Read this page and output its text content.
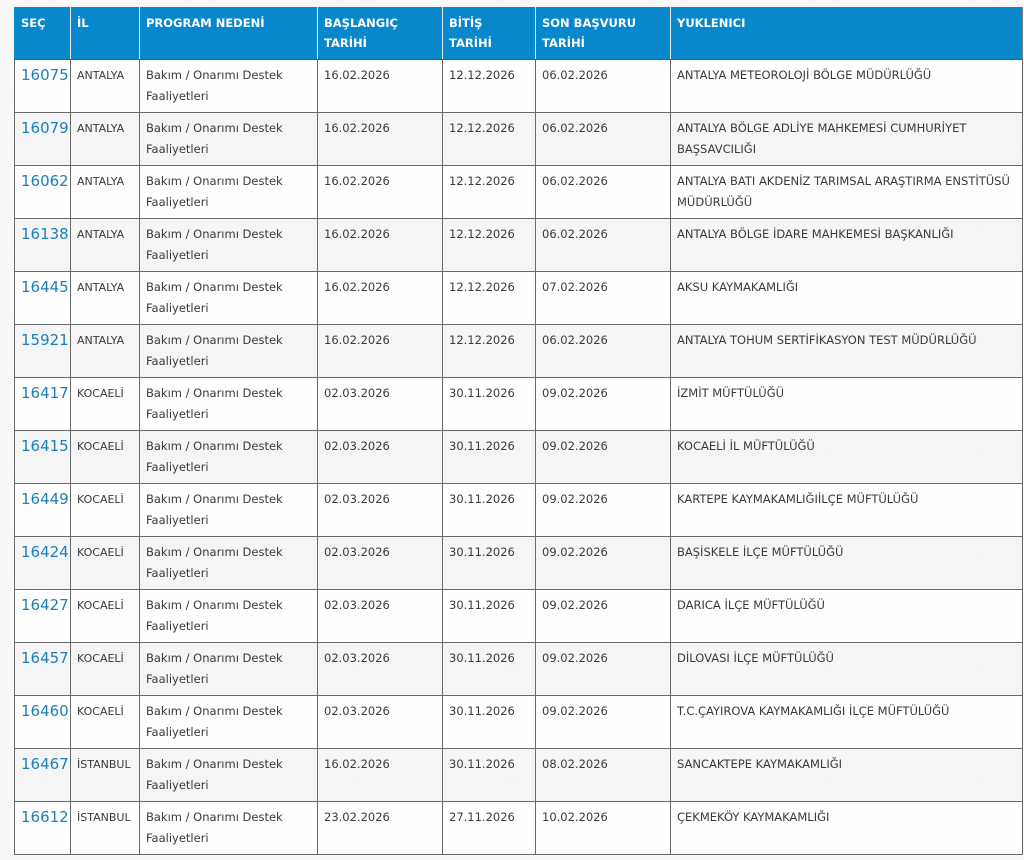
SEÇ	İL	PROGRAM NEDENİ	BAŞLANGIÇ TARİHİ	BİTİŞ TARİHİ	SON BAŞVURU TARİHİ	YUKLENICI
16075	ANTALYA	Bakım / Onarımı Destek Faaliyetleri	16.02.2026	12.12.2026	06.02.2026	ANTALYA METEOROLOJİ BÖLGE MÜDÜRLÜĞÜ
16079	ANTALYA	Bakım / Onarımı Destek Faaliyetleri	16.02.2026	12.12.2026	06.02.2026	ANTALYA BÖLGE ADLİYE MAHKEMESİ CUMHURİYET BAŞSAVCILIĞI
16062	ANTALYA	Bakım / Onarımı Destek Faaliyetleri	16.02.2026	12.12.2026	06.02.2026	ANTALYA BATI AKDENİZ TARIMSAL ARAŞTIRMA ENSTİTÜSÜ MÜDÜRLÜĞÜ
16138	ANTALYA	Bakım / Onarımı Destek Faaliyetleri	16.02.2026	12.12.2026	06.02.2026	ANTALYA BÖLGE İDARE MAHKEMESİ BAŞKANLIĞI
16445	ANTALYA	Bakım / Onarımı Destek Faaliyetleri	16.02.2026	12.12.2026	07.02.2026	AKSU KAYMAKAMLIĞI
15921	ANTALYA	Bakım / Onarımı Destek Faaliyetleri	16.02.2026	12.12.2026	06.02.2026	ANTALYA TOHUM SERTİFİKASYON TEST MÜDÜRLÜĞÜ
16417	KOCAELİ	Bakım / Onarımı Destek Faaliyetleri	02.03.2026	30.11.2026	09.02.2026	İZMİT MÜFTÜLÜĞÜ
16415	KOCAELİ	Bakım / Onarımı Destek Faaliyetleri	02.03.2026	30.11.2026	09.02.2026	KOCAELİ İL MÜFTÜLÜĞÜ
16449	KOCAELİ	Bakım / Onarımı Destek Faaliyetleri	02.03.2026	30.11.2026	09.02.2026	KARTEPE KAYMAKAMLIĞIİLÇE MÜFTÜLÜĞÜ
16424	KOCAELİ	Bakım / Onarımı Destek Faaliyetleri	02.03.2026	30.11.2026	09.02.2026	BAŞİSKELE İLÇE MÜFTÜLÜĞÜ
16427	KOCAELİ	Bakım / Onarımı Destek Faaliyetleri	02.03.2026	30.11.2026	09.02.2026	DARICA İLÇE MÜFTÜLÜĞÜ
16457	KOCAELİ	Bakım / Onarımı Destek Faaliyetleri	02.03.2026	30.11.2026	09.02.2026	DİLOVASI İLÇE MÜFTÜLÜĞÜ
16460	KOCAELİ	Bakım / Onarımı Destek Faaliyetleri	02.03.2026	30.11.2026	09.02.2026	T.C.ÇAYIROVA KAYMAKAMLIĞI İLÇE MÜFTÜLÜĞÜ
16467	İSTANBUL	Bakım / Onarımı Destek Faaliyetleri	16.02.2026	30.11.2026	08.02.2026	SANCAKTEPE KAYMAKAMLIĞI
16612	İSTANBUL	Bakım / Onarımı Destek Faaliyetleri	23.02.2026	27.11.2026	10.02.2026	ÇEKMEKÖY KAYMAKAMLIĞI
